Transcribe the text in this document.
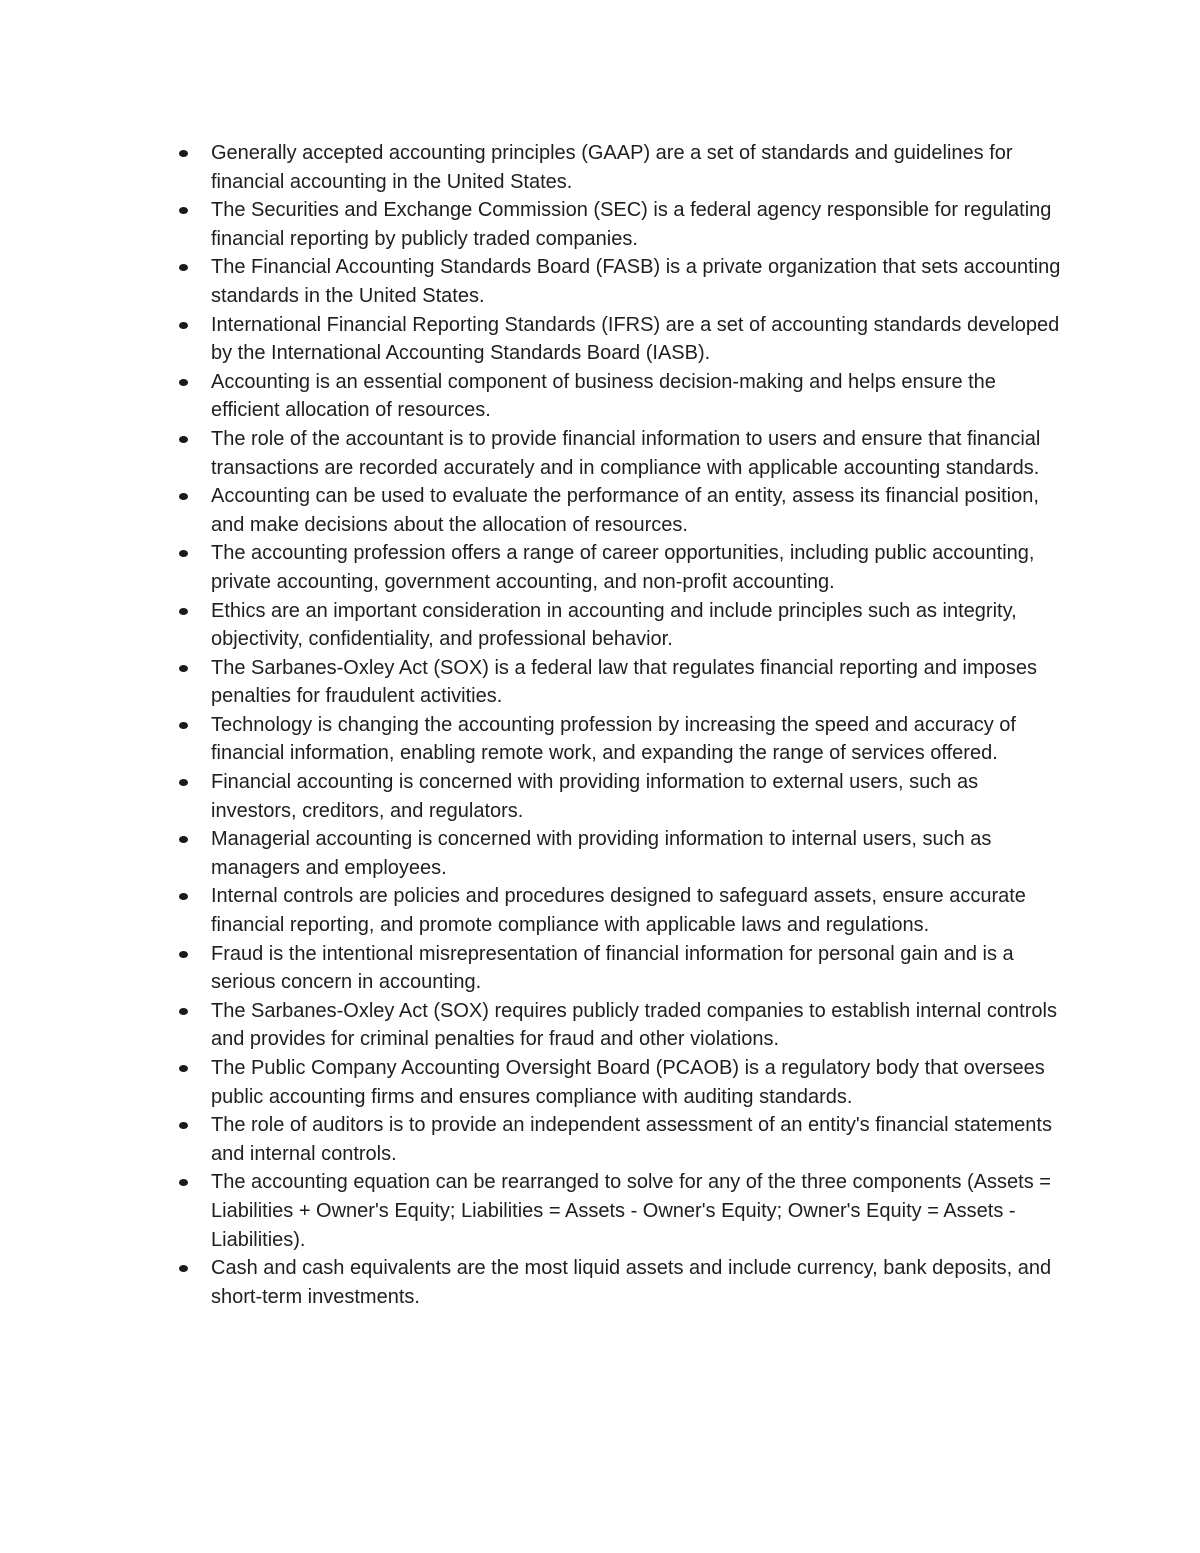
Generally accepted accounting principles (GAAP) are a set of standards and guidelines for financial accounting in the United States.
The Securities and Exchange Commission (SEC) is a federal agency responsible for regulating financial reporting by publicly traded companies.
The Financial Accounting Standards Board (FASB) is a private organization that sets accounting standards in the United States.
International Financial Reporting Standards (IFRS) are a set of accounting standards developed by the International Accounting Standards Board (IASB).
Accounting is an essential component of business decision-making and helps ensure the efficient allocation of resources.
The role of the accountant is to provide financial information to users and ensure that financial transactions are recorded accurately and in compliance with applicable accounting standards.
Accounting can be used to evaluate the performance of an entity, assess its financial position, and make decisions about the allocation of resources.
The accounting profession offers a range of career opportunities, including public accounting, private accounting, government accounting, and non-profit accounting.
Ethics are an important consideration in accounting and include principles such as integrity, objectivity, confidentiality, and professional behavior.
The Sarbanes-Oxley Act (SOX) is a federal law that regulates financial reporting and imposes penalties for fraudulent activities.
Technology is changing the accounting profession by increasing the speed and accuracy of financial information, enabling remote work, and expanding the range of services offered.
Financial accounting is concerned with providing information to external users, such as investors, creditors, and regulators.
Managerial accounting is concerned with providing information to internal users, such as managers and employees.
Internal controls are policies and procedures designed to safeguard assets, ensure accurate financial reporting, and promote compliance with applicable laws and regulations.
Fraud is the intentional misrepresentation of financial information for personal gain and is a serious concern in accounting.
The Sarbanes-Oxley Act (SOX) requires publicly traded companies to establish internal controls and provides for criminal penalties for fraud and other violations.
The Public Company Accounting Oversight Board (PCAOB) is a regulatory body that oversees public accounting firms and ensures compliance with auditing standards.
The role of auditors is to provide an independent assessment of an entity's financial statements and internal controls.
The accounting equation can be rearranged to solve for any of the three components (Assets = Liabilities + Owner's Equity; Liabilities = Assets - Owner's Equity; Owner's Equity = Assets - Liabilities).
Cash and cash equivalents are the most liquid assets and include currency, bank deposits, and short-term investments.
